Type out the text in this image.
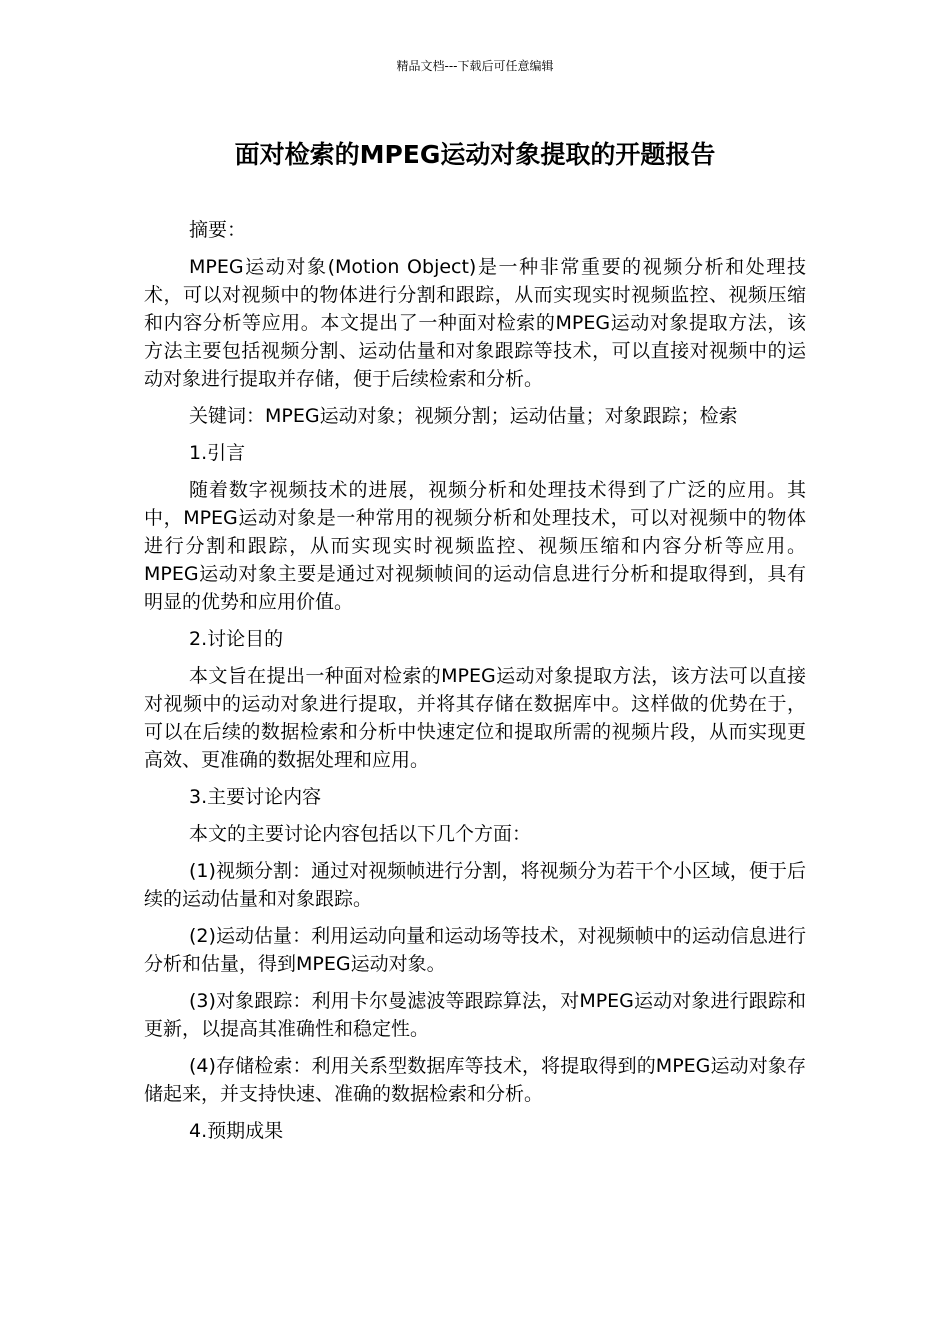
精品文档---下载后可任意编辑
面对检索的MPEG运动对象提取的开题报告

摘要：

MPEG运动对象(Motion Object)是一种非常重要的视频分析和处理技术，可以对视频中的物体进行分割和跟踪，从而实现实时视频监控、视频压缩和内容分析等应用。本文提出了一种面对检索的MPEG运动对象提取方法，该方法主要包括视频分割、运动估量和对象跟踪等技术，可以直接对视频中的运动对象进行提取并存储，便于后续检索和分析。

关键词：MPEG运动对象；视频分割；运动估量；对象跟踪；检索

1.引言

随着数字视频技术的进展，视频分析和处理技术得到了广泛的应用。其中，MPEG运动对象是一种常用的视频分析和处理技术，可以对视频中的物体进行分割和跟踪，从而实现实时视频监控、视频压缩和内容分析等应用。MPEG运动对象主要是通过对视频帧间的运动信息进行分析和提取得到，具有明显的优势和应用价值。

2.讨论目的

本文旨在提出一种面对检索的MPEG运动对象提取方法，该方法可以直接对视频中的运动对象进行提取，并将其存储在数据库中。这样做的优势在于，可以在后续的数据检索和分析中快速定位和提取所需的视频片段，从而实现更高效、更准确的数据处理和应用。

3.主要讨论内容

本文的主要讨论内容包括以下几个方面：

(1)视频分割：通过对视频帧进行分割，将视频分为若干个小区域，便于后续的运动估量和对象跟踪。

(2)运动估量：利用运动向量和运动场等技术，对视频帧中的运动信息进行分析和估量，得到MPEG运动对象。

(3)对象跟踪：利用卡尔曼滤波等跟踪算法，对MPEG运动对象进行跟踪和更新，以提高其准确性和稳定性。

(4)存储检索：利用关系型数据库等技术，将提取得到的MPEG运动对象存储起来，并支持快速、准确的数据检索和分析。

4.预期成果
